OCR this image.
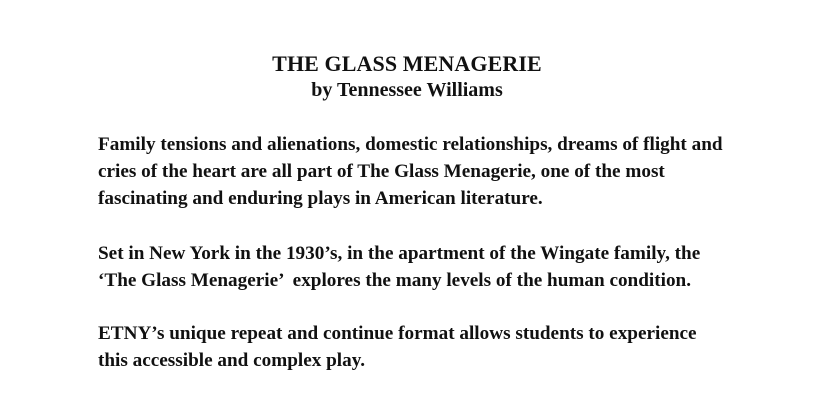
THE GLASS MENAGERIE
by Tennessee Williams
Family tensions and alienations, domestic relationships, dreams of flight and
cries of the heart are all part of The Glass Menagerie, one of the most
fascinating and enduring plays in American literature.
Set in New York in the 1930’s, in the apartment of the Wingate family, the
‘The Glass Menagerie’  explores the many levels of the human condition.
ETNY’s unique repeat and continue format allows students to experience
this accessible and complex play.
